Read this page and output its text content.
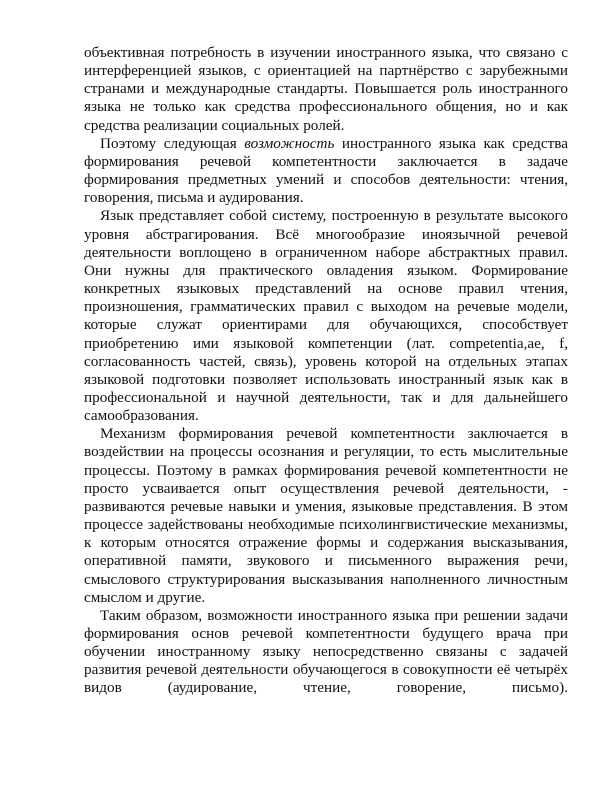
объективная потребность в изучении иностранного языка, что связано с интерференцией языков, с ориентацией на партнёрство с зарубежными странами и международные стандарты. Повышается роль иностранного языка не только как средства профессионального общения, но и как средства реализации социальных ролей.

Поэтому следующая возможность иностранного языка как средства формирования речевой компетентности заключается в задаче формирования предметных умений и способов деятельности: чтения, говорения, письма и аудирования.

Язык представляет собой систему, построенную в результате высокого уровня абстрагирования. Всё многообразие иноязычной речевой деятельности воплощено в ограниченном наборе абстрактных правил. Они нужны для практического овладения языком. Формирование конкретных языковых представлений на основе правил чтения, произношения, грамматических правил с выходом на речевые модели, которые служат ориентирами для обучающихся, способствует приобретению ими языковой компетенции (лат. competentia,ae, f, согласованность частей, связь), уровень которой на отдельных этапах языковой подготовки позволяет использовать иностранный язык как в профессиональной и научной деятельности, так и для дальнейшего самообразования.

Механизм формирования речевой компетентности заключается в воздействии на процессы осознания и регуляции, то есть мыслительные процессы. Поэтому в рамках формирования речевой компетентности не просто усваивается опыт осуществления речевой деятельности, - развиваются речевые навыки и умения, языковые представления. В этом процессе задействованы необходимые психолингвистические механизмы, к которым относятся отражение формы и содержания высказывания, оперативной памяти, звукового и письменного выражения речи, смыслового структурирования высказывания наполненного личностным смыслом и другие.

Таким образом, возможности иностранного языка при решении задачи формирования основ речевой компетентности будущего врача при обучении иностранному языку непосредственно связаны с задачей развития речевой деятельности обучающегося в совокупности её четырёх видов (аудирование, чтение, говорение, письмо).
